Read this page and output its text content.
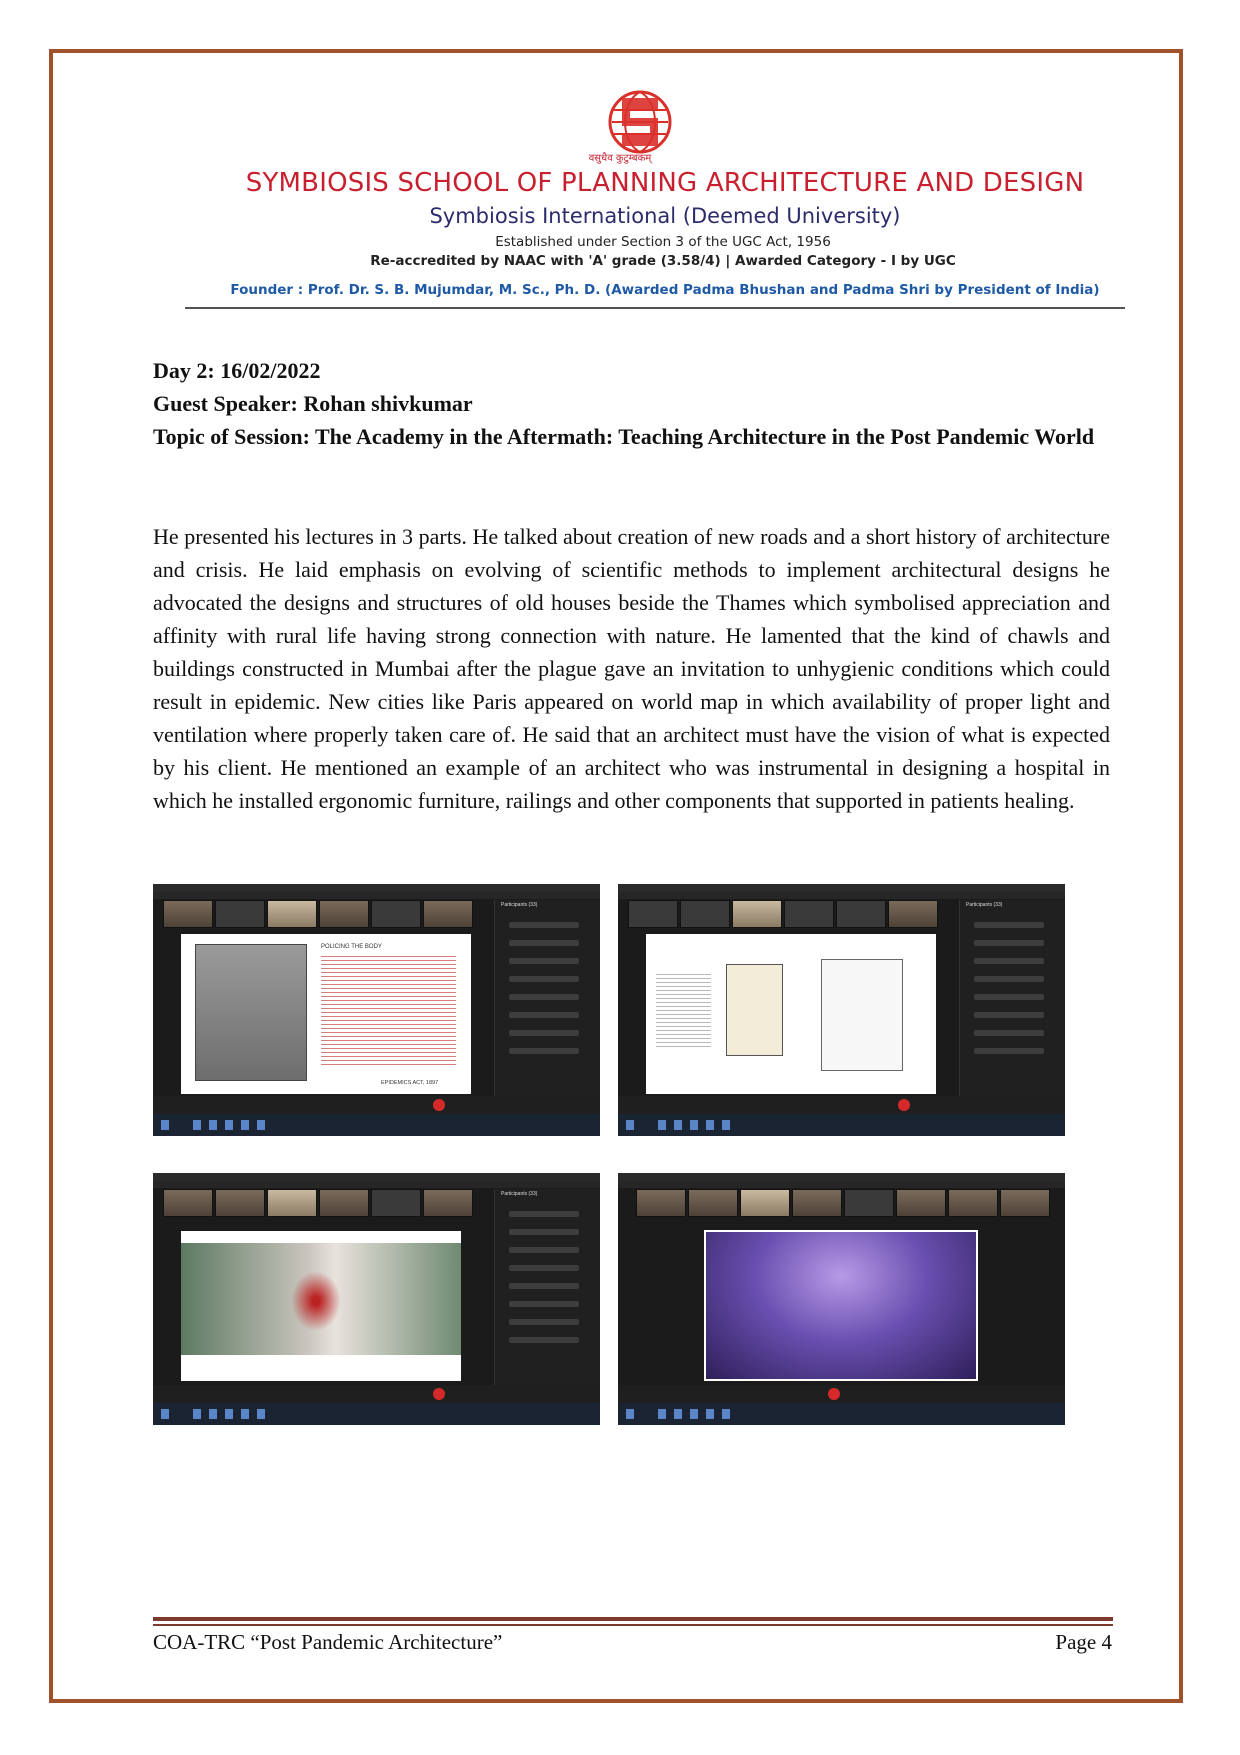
वसुधैव कुटुम्बकम्
SYMBIOSIS SCHOOL OF PLANNING ARCHITECTURE AND DESIGN
Symbiosis International (Deemed University)
Established under Section 3 of the UGC Act, 1956
Re-accredited by NAAC with 'A' grade (3.58/4) | Awarded Category - I by UGC
Founder : Prof. Dr. S. B. Mujumdar, M. Sc., Ph. D. (Awarded Padma Bhushan and Padma Shri by President of India)
Day 2: 16/02/2022
Guest Speaker: Rohan shivkumar
Topic of Session: The Academy in the Aftermath: Teaching Architecture in the Post Pandemic World

He presented his lectures in 3 parts. He talked about creation of new roads and a short history of architecture and crisis. He laid emphasis on evolving of scientific methods to implement architectural designs he advocated the designs and structures of old houses beside the Thames which symbolised appreciation and affinity with rural life having strong connection with nature. He lamented that the kind of chawls and buildings constructed in Mumbai after the plague gave an invitation to unhygienic conditions which could result in epidemic. New cities like Paris appeared on world map in which availability of proper light and ventilation where properly taken care of. He said that an architect must have the vision of what is expected by his client. He mentioned an example of an architect who was instrumental in designing a hospital in which he installed ergonomic furniture, railings and other components that supported in patients healing.

POLICING THE BODY
EPIDEMICS ACT, 1897
Participants (33)	Participants (33)
Participants (33)
COA-TRC “Post Pandemic Architecture”	Page 4
